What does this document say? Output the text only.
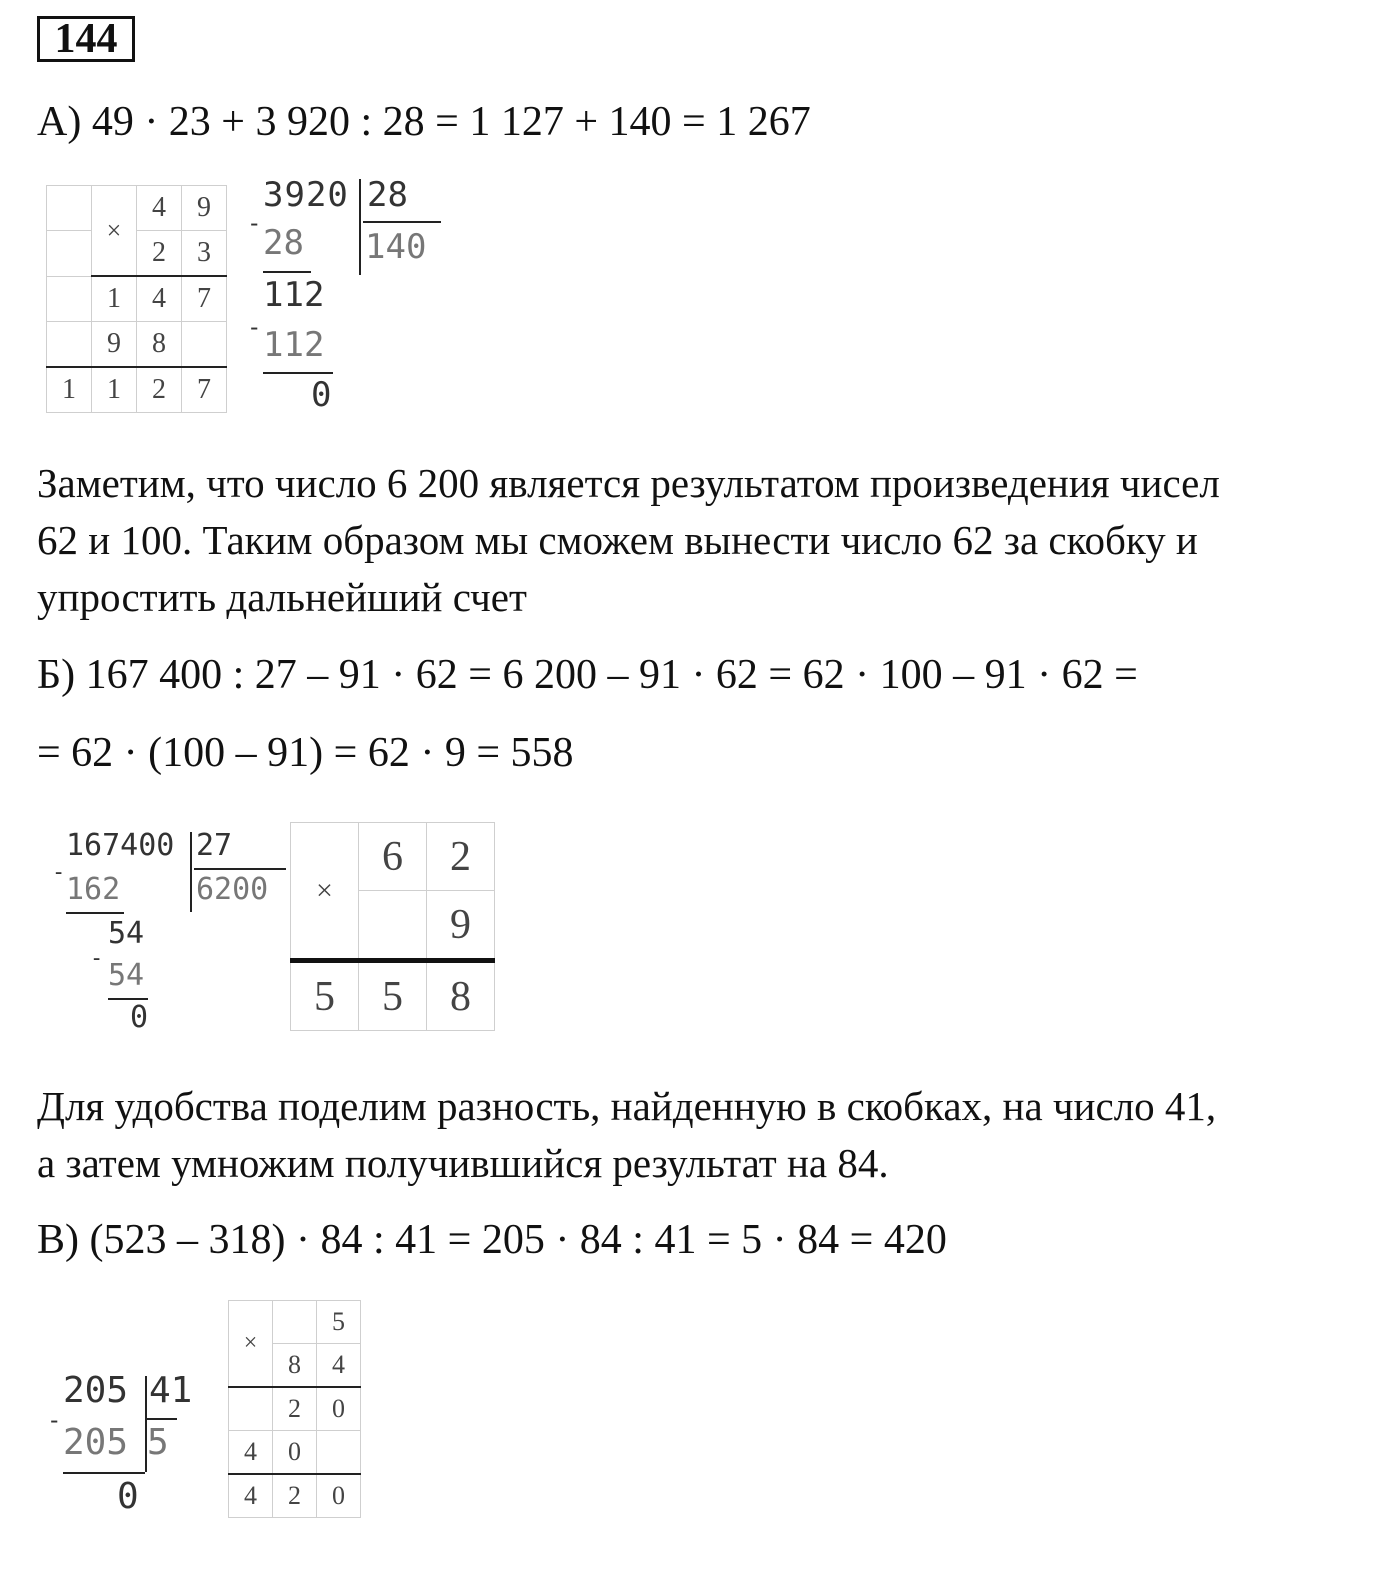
144
А) 49 · 23 + 3 920 : 28 = 1 127 + 140 = 1 267
	×	4	9
		2	3
	1	4	7
	9	8	
1	1	2	7
3920 28
140
- 28
112
- 112
0
Заметим, что число 6 200 является результатом произведения чисел
62 и 100. Таким образом мы сможем вынести число 62 за скобку и
упростить дальнейший счет
Б) 167 400 : 27 – 91 · 62 = 6 200 – 91 · 62 = 62 · 100 – 91 · 62 =
= 62 · (100 – 91) = 62 · 9 = 558
167400 27
6200
- 162
54
- 54
0
×	6	2
		9
5	5	8
Для удобства поделим разность, найденную в скобках, на число 41,
а затем умножим получившийся результат на 84.
В) (523 – 318) · 84 : 41 = 205 · 84 : 41 = 5 · 84 = 420
205 41
5
-
205
0
×		5
	8	4
	2	0
4	0	
4	2	0
